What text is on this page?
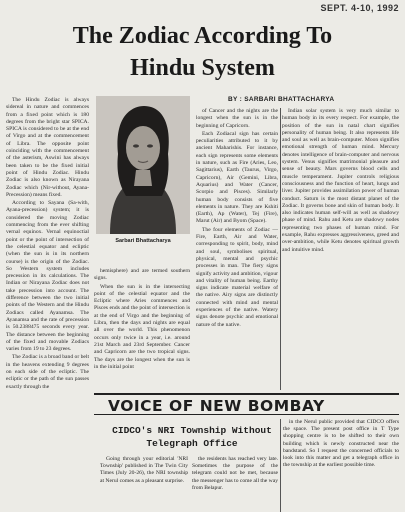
SEPT. 4-10, 1992
The Zodiac According To
Hindu System
BY : SARBARI BHATTACHARYA

The Hindu Zodiac is always sidereal in nature and commences from a fixed point which is 180 degrees from the bright star SPICA. SPICA is considered to be at the end of Virgo and at the commencement of Libra. The opposite point coinciding with the commencement of the asterism, Aswini has always been taken to be the fixed initial point of Hindu Zodiac. Hindu Zodiac is also known as Nirayana Zodiac which (Nir-without, Ayana-Precession) means fixed.

According to Sayana (Sa-with, Ayana-precession) system; it is considered the moving Zodiac commencing from the ever shifting vernal equinox. Vernal equinoctial point or the point of intersection of the celestial equator and ecliptic (when the sun is in its northern course) is the origin of the Zodiac. So Western system includes precession in its calculations. The Indian or Nirayana Zodiac does not take precession into account. The difference between the two initial points of the Western and the Hindu Zodiacs called Ayanamsa. The Ayanamsa and the rate of precession is 50.2388475 seconds every year. The distance between the beginning of the fixed and movable Zodiacs varies from 19 to 23 degrees.

The Zodiac is a broad band or belt in the heavens extending 9 degrees on each side of the ecliptic. The ecliptic or the path of the sun passes exactly through the

Sarbari Bhattacharya

hemisphere) and are termed southern signs.

When the sun is in the intersecting point of the celestial equator and the Ecliptic where Aries commences and Pisces ends and the point of intersection is at the end of Virgo and the beginning of Libra, then the days and nights are equal all over the world. This phenomenon occurs only twice in a year, i.e. around 21st March and 23rd September. Cancer and Capricorn are the two tropical signs. The days are the longest when the sun is in the initial point

of Cancer and the nights are the longest when the sun is in the beginning of Capricorn.

Each Zodiacal sign has certain peculiarities attributed to it by ancient Maharishis. For instance, each sign represents some elements in nature, such as Fire (Aries, Leo, Sagittarius), Earth (Taurus, Virgo, Capricorn), Air (Gemini, Libra, Aquarius) and Water (Cancer, Scorpio and Pisces). Similarly human body consists of five elements in nature. They are Kshiti (Earth), Ap (Water), Tej (Fire), Marut (Air) and Byom (Space).

The four elements of Zodiac — Fire, Earth, Air and Water, corresponding to spirit, body, mind and soul, symbolises spiritual, physical, mental and psychic processes in man. The fiery signs signify activity and ambition, vigour and vitality of human being. Earthy signs indicate material welfare of the native. Airy signs are distinctly connected with mind and mental experiences of the native. Watery signs denote psychic and emotional nature of the native.

Indian solar system is very much similar to human body in its every respect. For example, the position of the sun in natal chart signifies personality of human being. It also represents life and soul as well as brain-computer. Moon signifies emotional strength of human mind. Mercury denotes intelligence of brain-computer and nervous system. Venus signifies matrimonial pleasure and sense of beauty. Mars governs blood cells and muscle temperament. Jupiter controls religious consciousness and the function of heart, lungs and liver. Jupiter provides assimilation power of human conduct. Saturn is the most distant planet of the Zodiac. It governs bone and skin of human body. It also indicates human self-will as well as shadowy phase of mind. Rahu and Ketu are shadowy nodes representing two phases of human mind. For example, Rahu expresses aggressiveness, greed and over-ambition, while Ketu denotes spiritual growth and intuitive mind.

VOICE OF NEW BOMBAY
CIDCO's NRI Township Without
Telegraph Office

Going through your editorial 'NRI Township' published in The Twin City Times (July 20-26), the NRI township at Nerul comes as a pleasant surprise.

the residents has reached very late. Sometimes the purpose of the telegram could not be met, because the messenger has to come all the way from Belapur.

in the Nerul public provided that CIDCO offers the space. The present post office in T Type shopping centre is to be shifted to their own building which is newly constructed near the bandstand. So I request the concerned officials to look into this matter and get a telegraph office in the township at the earliest possible time.
